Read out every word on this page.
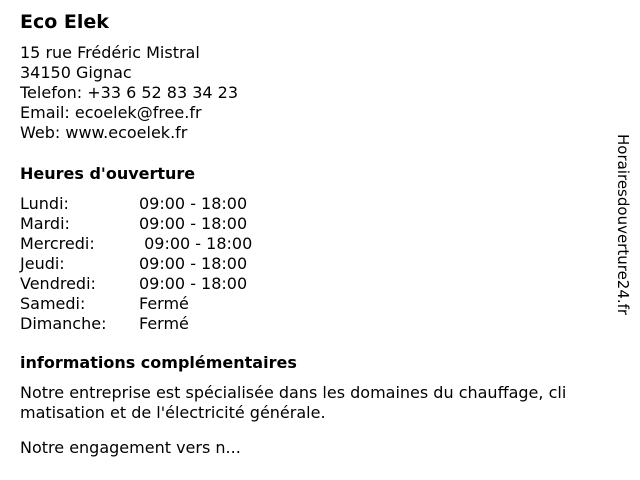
Eco Elek
15 rue Frédéric Mistral
34150 Gignac
Telefon: +33 6 52 83 34 23
Email: ecoelek@free.fr
Web: www.ecoelek.fr
Heures d'ouverture
Lundi:	09:00 - 18:00
Mardi:	09:00 - 18:00
Mercredi:	09:00 - 18:00
Jeudi:	09:00 - 18:00
Vendredi:	09:00 - 18:00
Samedi:	Fermé
Dimanche: Fermé
informations complémentaires

Notre entreprise est spécialisée dans les domaines du chauffage, cli

matisation et de l'électricité générale.

Notre engagement vers n...
Horairesdouverture24.fr
